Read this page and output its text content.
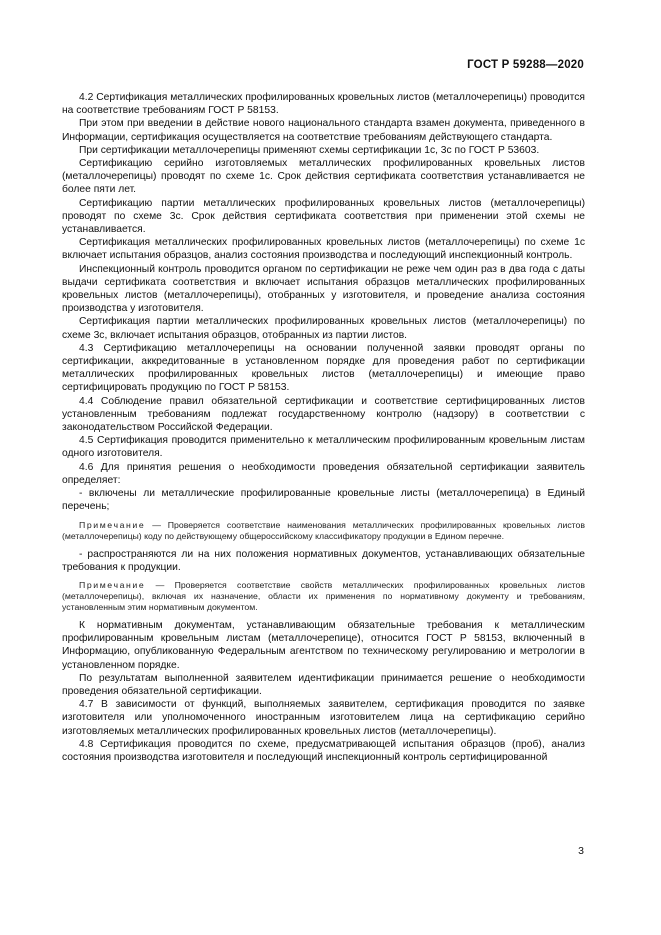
ГОСТ Р 59288—2020

4.2 Сертификация металлических профилированных кровельных листов (металлочерепицы) проводится на соответствие требованиям ГОСТ Р 58153.

При этом при введении в действие нового национального стандарта взамен документа, приведенного в Информации, сертификация осуществляется на соответствие требованиям действующего стандарта.

При сертификации металлочерепицы применяют схемы сертификации 1с, 3с по ГОСТ Р 53603.

Сертификацию серийно изготовляемых металлических профилированных кровельных листов (металлочерепицы) проводят по схеме 1с. Срок действия сертификата соответствия устанавливается не более пяти лет.

Сертификацию партии металлических профилированных кровельных листов (металлочерепицы) проводят по схеме 3с. Срок действия сертификата соответствия при применении этой схемы не устанавливается.

Сертификация металлических профилированных кровельных листов (металлочерепицы) по схеме 1с включает испытания образцов, анализ состояния производства и последующий инспекционный контроль.

Инспекционный контроль проводится органом по сертификации не реже чем один раз в два года с даты выдачи сертификата соответствия и включает испытания образцов металлических профилированных кровельных листов (металлочерепицы), отобранных у изготовителя, и проведение анализа состояния производства у изготовителя.

Сертификация партии металлических профилированных кровельных листов (металлочерепицы) по схеме 3с, включает испытания образцов, отобранных из партии листов.

4.3 Сертификацию металлочерепицы на основании полученной заявки проводят органы по сертификации, аккредитованные в установленном порядке для проведения работ по сертификации металлических профилированных кровельных листов (металлочерепицы) и имеющие право сертифицировать продукцию по ГОСТ Р 58153.

4.4 Соблюдение правил обязательной сертификации и соответствие сертифицированных листов установленным требованиям подлежат государственному контролю (надзору) в соответствии с законодательством Российской Федерации.

4.5 Сертификация проводится применительно к металлическим профилированным кровельным листам одного изготовителя.

4.6 Для принятия решения о необходимости проведения обязательной сертификации заявитель определяет:

- включены ли металлические профилированные кровельные листы (металлочерепица) в Единый перечень;

Примечание — Проверяется соответствие наименования металлических профилированных кровельных листов (металлочерепицы) коду по действующему общероссийскому классификатору продукции в Едином перечне.

- распространяются ли на них положения нормативных документов, устанавливающих обязательные требования к продукции.

Примечание — Проверяется соответствие свойств металлических профилированных кровельных листов (металлочерепицы), включая их назначение, области их применения по нормативному документу и требованиям, установленным этим нормативным документом.

К нормативным документам, устанавливающим обязательные требования к металлическим профилированным кровельным листам (металлочерепице), относится ГОСТ Р 58153, включенный в Информацию, опубликованную Федеральным агентством по техническому регулированию и метрологии в установленном порядке.

По результатам выполненной заявителем идентификации принимается решение о необходимости проведения обязательной сертификации.

4.7 В зависимости от функций, выполняемых заявителем, сертификация проводится по заявке изготовителя или уполномоченного иностранным изготовителем лица на сертификацию серийно изготовляемых металлических профилированных кровельных листов (металлочерепицы).

4.8 Сертификация проводится по схеме, предусматривающей испытания образцов (проб), анализ состояния производства изготовителя и последующий инспекционный контроль сертифицированной

3
